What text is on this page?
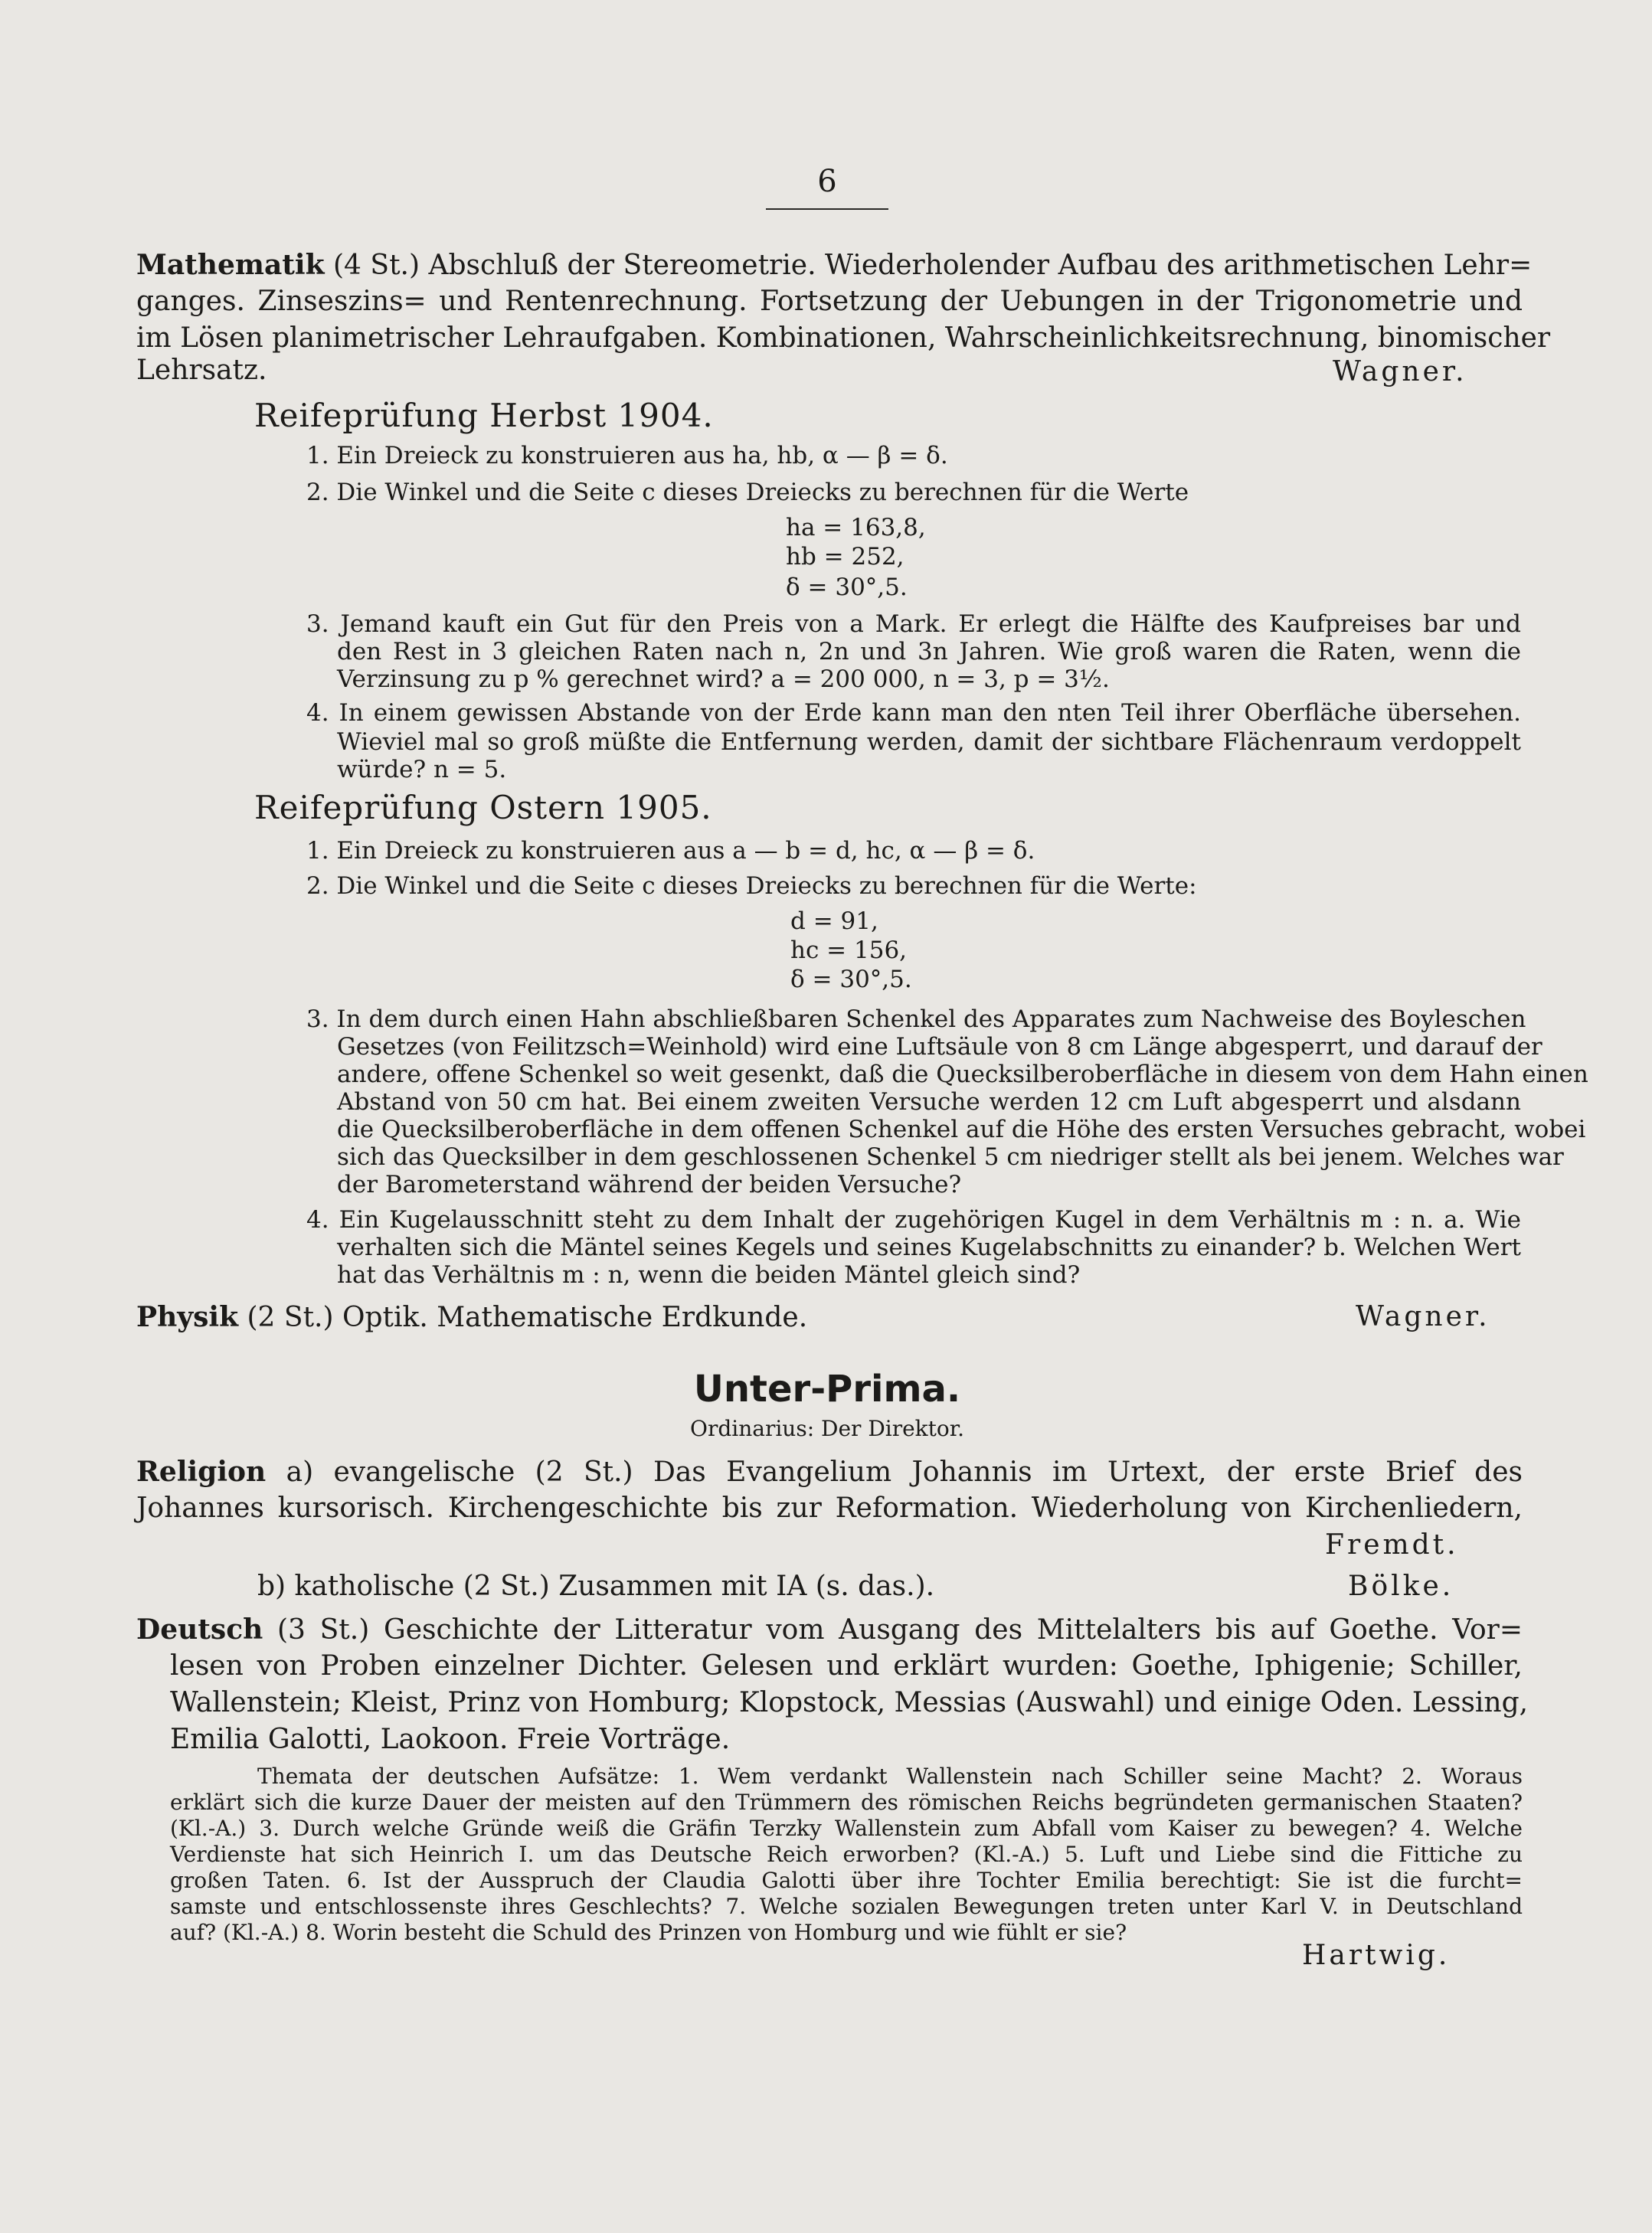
6
Mathematik (4 St.) Abschluß der Stereometrie. Wiederholender Aufbau des arithmetischen Lehr=
ganges. Zinseszins= und Rentenrechnung. Fortsetzung der Uebungen in der Trigonometrie und
im Lösen planimetrischer Lehraufgaben. Kombinationen, Wahrscheinlichkeitsrechnung, binomischer
Lehrsatz.	Wagner.
Reifeprüfung Herbst 1904.
1. Ein Dreieck zu konstruieren aus ha, hb, α — β = δ.
2. Die Winkel und die Seite c dieses Dreiecks zu berechnen für die Werte
ha = 163,8,
hb = 252,
δ = 30°,5.
3. Jemand kauft ein Gut für den Preis von a Mark. Er erlegt die Hälfte des Kaufpreises bar und
den Rest in 3 gleichen Raten nach n, 2n und 3n Jahren. Wie groß waren die Raten, wenn die
Verzinsung zu p % gerechnet wird? a = 200 000, n = 3, p = 3½.
4. In einem gewissen Abstande von der Erde kann man den nten Teil ihrer Oberfläche übersehen.
Wieviel mal so groß müßte die Entfernung werden, damit der sichtbare Flächenraum verdoppelt
würde? n = 5.
Reifeprüfung Ostern 1905.
1. Ein Dreieck zu konstruieren aus a — b = d, hc, α — β = δ.
2. Die Winkel und die Seite c dieses Dreiecks zu berechnen für die Werte:
d = 91,
hc = 156,
δ = 30°,5.
3. In dem durch einen Hahn abschließbaren Schenkel des Apparates zum Nachweise des Boyleschen
Gesetzes (von Feilitzsch=Weinhold) wird eine Luftsäule von 8 cm Länge abgesperrt, und darauf der
andere, offene Schenkel so weit gesenkt, daß die Quecksilberoberfläche in diesem von dem Hahn einen
Abstand von 50 cm hat. Bei einem zweiten Versuche werden 12 cm Luft abgesperrt und alsdann
die Quecksilberoberfläche in dem offenen Schenkel auf die Höhe des ersten Versuches gebracht, wobei
sich das Quecksilber in dem geschlossenen Schenkel 5 cm niedriger stellt als bei jenem. Welches war
der Barometerstand während der beiden Versuche?
4. Ein Kugelausschnitt steht zu dem Inhalt der zugehörigen Kugel in dem Verhältnis m : n. a. Wie
verhalten sich die Mäntel seines Kegels und seines Kugelabschnitts zu einander? b. Welchen Wert
hat das Verhältnis m : n, wenn die beiden Mäntel gleich sind?
Physik (2 St.) Optik. Mathematische Erdkunde.	Wagner.
Unter-Prima.
Ordinarius: Der Direktor.
Religion a) evangelische (2 St.) Das Evangelium Johannis im Urtext, der erste Brief des
Johannes kursorisch. Kirchengeschichte bis zur Reformation. Wiederholung von Kirchenliedern,
Fremdt.
b) katholische (2 St.) Zusammen mit IA (s. das.).	Bölke.
Deutsch (3 St.) Geschichte der Litteratur vom Ausgang des Mittelalters bis auf Goethe. Vor=
lesen von Proben einzelner Dichter. Gelesen und erklärt wurden: Goethe, Iphigenie; Schiller,
Wallenstein; Kleist, Prinz von Homburg; Klopstock, Messias (Auswahl) und einige Oden. Lessing,
Emilia Galotti, Laokoon. Freie Vorträge.
Themata der deutschen Aufsätze: 1. Wem verdankt Wallenstein nach Schiller seine Macht? 2. Woraus
erklärt sich die kurze Dauer der meisten auf den Trümmern des römischen Reichs begründeten germanischen Staaten?
(Kl.-A.) 3. Durch welche Gründe weiß die Gräfin Terzky Wallenstein zum Abfall vom Kaiser zu bewegen? 4. Welche
Verdienste hat sich Heinrich I. um das Deutsche Reich erworben? (Kl.-A.) 5. Luft und Liebe sind die Fittiche zu
großen Taten. 6. Ist der Ausspruch der Claudia Galotti über ihre Tochter Emilia berechtigt: Sie ist die furcht=
samste und entschlossenste ihres Geschlechts? 7. Welche sozialen Bewegungen treten unter Karl V. in Deutschland
auf? (Kl.-A.) 8. Worin besteht die Schuld des Prinzen von Homburg und wie fühlt er sie?
Hartwig.
